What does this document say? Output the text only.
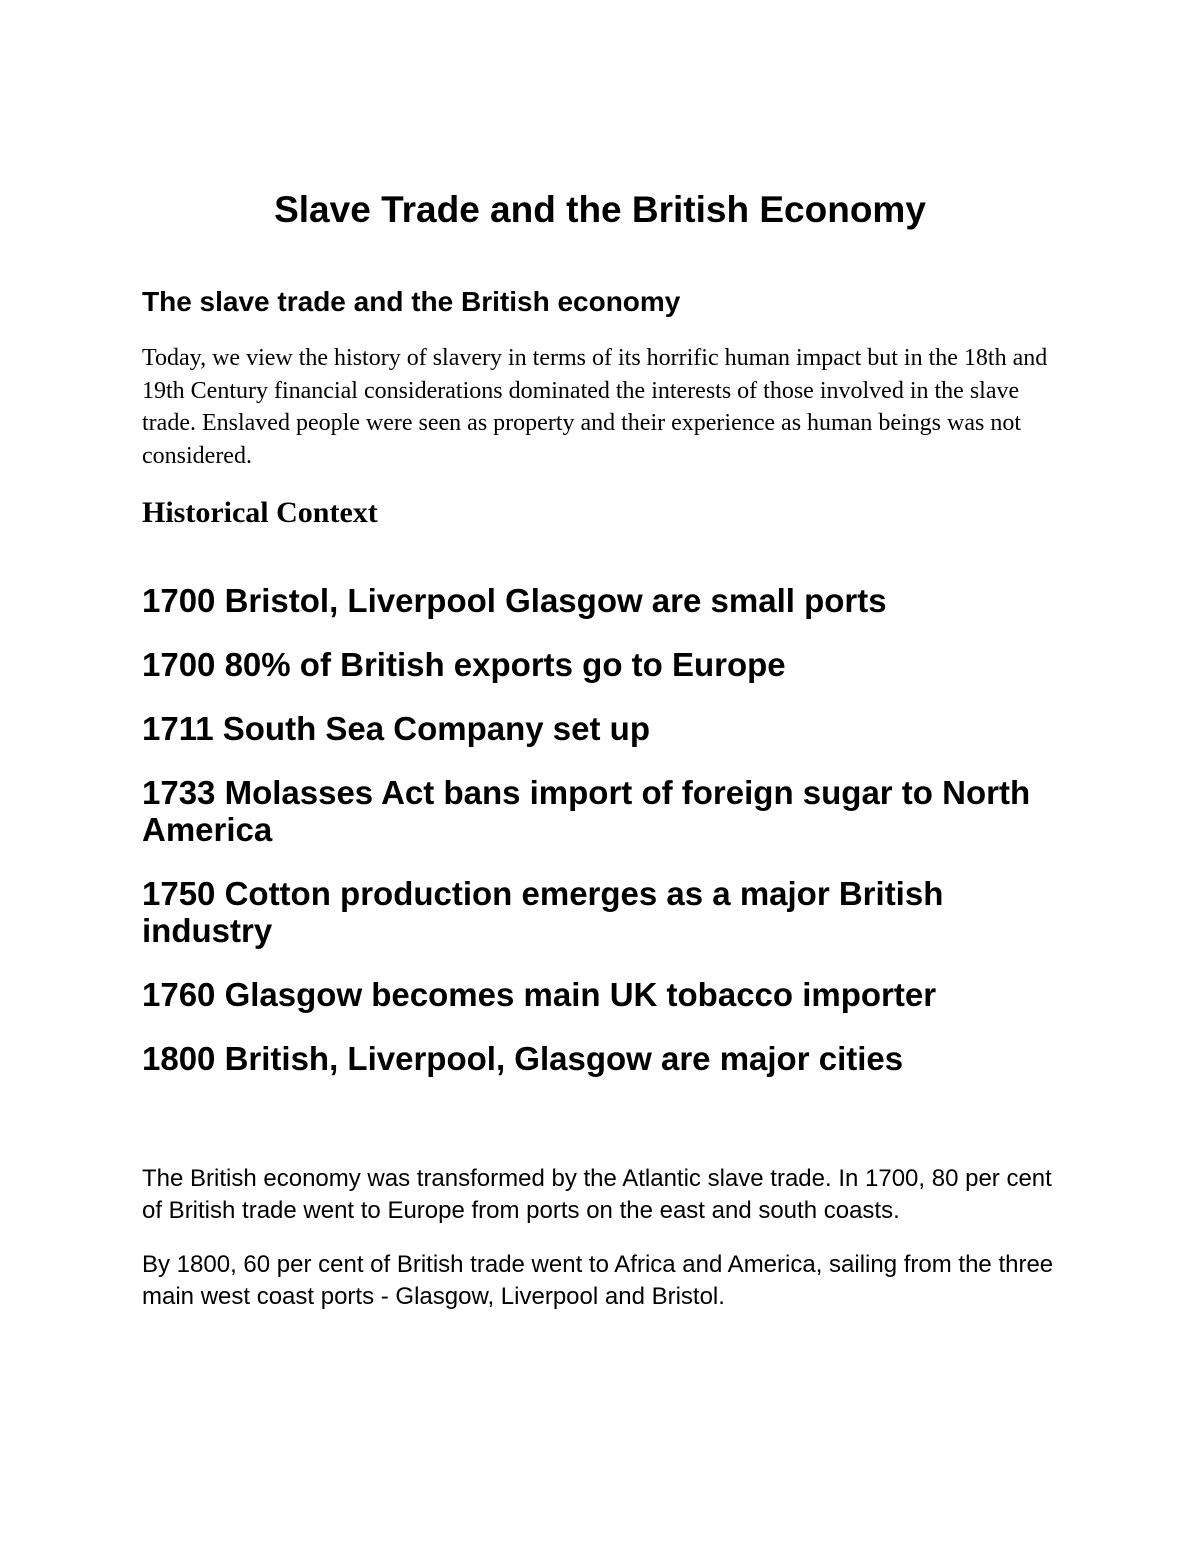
Slave Trade and the British Economy
The slave trade and the British economy

Today, we view the history of slavery in terms of its horrific human impact but in the 18th and 19th Century financial considerations dominated the interests of those involved in the slave trade. Enslaved people were seen as property and their experience as human beings was not considered.

Historical Context
1700 Bristol, Liverpool Glasgow are small ports
1700 80% of British exports go to Europe
1711 South Sea Company set up
1733 Molasses Act bans import of foreign sugar to North America
1750 Cotton production emerges as a major British industry
1760 Glasgow becomes main UK tobacco importer
1800 British, Liverpool, Glasgow are major cities

The British economy was transformed by the Atlantic slave trade. In 1700, 80 per cent of British trade went to Europe from ports on the east and south coasts.

By 1800, 60 per cent of British trade went to Africa and America, sailing from the three main west coast ports - Glasgow, Liverpool and Bristol.
